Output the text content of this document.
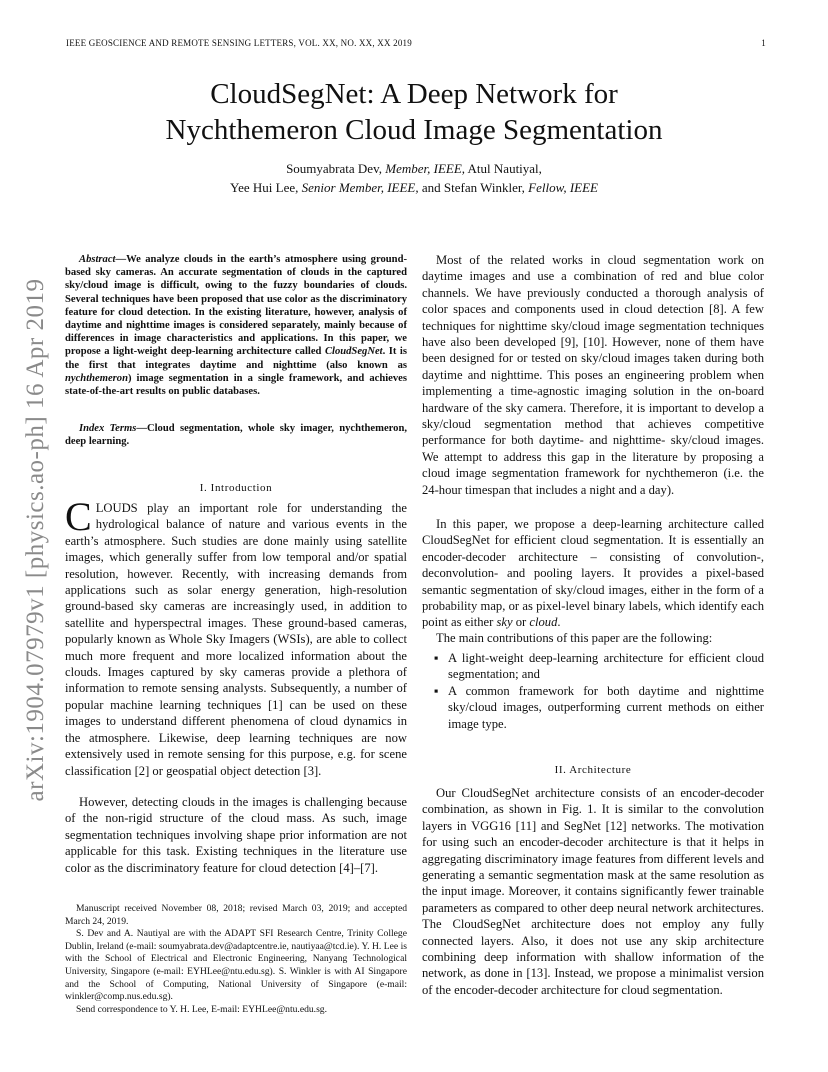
IEEE GEOSCIENCE AND REMOTE SENSING LETTERS, VOL. XX, NO. XX, XX 2019	1
CloudSegNet: A Deep Network for
Nychthemeron Cloud Image Segmentation
Soumyabrata Dev, Member, IEEE, Atul Nautiyal,
Yee Hui Lee, Senior Member, IEEE, and Stefan Winkler, Fellow, IEEE
arXiv:1904.07979v1 [physics.ao-ph] 16 Apr 2019
Abstract—We analyze clouds in the earth’s atmosphere using ground-based sky cameras. An accurate segmentation of clouds in the captured sky/cloud image is difficult, owing to the fuzzy boundaries of clouds. Several techniques have been proposed that use color as the discriminatory feature for cloud detection. In the existing literature, however, analysis of daytime and nighttime images is considered separately, mainly because of differences in image characteristics and applications. In this paper, we propose a light-weight deep-learning architecture called CloudSegNet. It is the first that integrates daytime and nighttime (also known as nychthemeron) image segmentation in a single framework, and achieves state-of-the-art results on public databases.
Index Terms—Cloud segmentation, whole sky imager, nychthemeron, deep learning.
I. Introduction
CLOUDS play an important role for understanding the hydrological balance of nature and various events in the earth’s atmosphere. Such studies are done mainly using satellite images, which generally suffer from low temporal and/or spatial resolution, however. Recently, with increasing demands from applications such as solar energy generation, high-resolution ground-based sky cameras are increasingly used, in addition to satellite and hyperspectral images. These ground-based cameras, popularly known as Whole Sky Imagers (WSIs), are able to collect much more frequent and more localized information about the clouds. Images captured by sky cameras provide a plethora of information to remote sensing analysts. Subsequently, a number of popular machine learning techniques [1] can be used on these images to understand different phenomena of cloud dynamics in the atmosphere. Likewise, deep learning techniques are now extensively used in remote sensing for this purpose, e.g. for scene classification [2] or geospatial object detection [3].
However, detecting clouds in the images is challenging because of the non-rigid structure of the cloud mass. As such, image segmentation techniques involving shape prior information are not applicable for this task. Existing techniques in the literature use color as the discriminatory feature for cloud detection [4]–[7].

Manuscript received November 08, 2018; revised March 03, 2019; and accepted March 24, 2019.

S. Dev and A. Nautiyal are with the ADAPT SFI Research Centre, Trinity College Dublin, Ireland (e-mail: soumyabrata.dev@adaptcentre.ie, nautiyaa@tcd.ie). Y. H. Lee is with the School of Electrical and Electronic Engineering, Nanyang Technological University, Singapore (e-mail: EYHLee@ntu.edu.sg). S. Winkler is with AI Singapore and the School of Computing, National University of Singapore (e-mail: winkler@comp.nus.edu.sg).

Send correspondence to Y. H. Lee, E-mail: EYHLee@ntu.edu.sg.

Most of the related works in cloud segmentation work on daytime images and use a combination of red and blue color channels. We have previously conducted a thorough analysis of color spaces and components used in cloud detection [8]. A few techniques for nighttime sky/cloud image segmentation techniques have also been developed [9], [10]. However, none of them have been designed for or tested on sky/cloud images taken during both daytime and nighttime. This poses an engineering problem when implementing a time-agnostic imaging solution in the on-board hardware of the sky camera. Therefore, it is important to develop a sky/cloud segmentation method that achieves competitive performance for both daytime- and nighttime- sky/cloud images. We attempt to address this gap in the literature by proposing a cloud image segmentation framework for nychthemeron (i.e. the 24-hour timespan that includes a night and a day).
In this paper, we propose a deep-learning architecture called CloudSegNet for efficient cloud segmentation. It is essentially an encoder-decoder architecture – consisting of convolution-, deconvolution- and pooling layers. It provides a pixel-based semantic segmentation of sky/cloud images, either in the form of a probability map, or as pixel-level binary labels, which identify each point as either sky or cloud.
The main contributions of this paper are the following:
▪ A light-weight deep-learning architecture for efficient cloud segmentation; and
▪ A common framework for both daytime and nighttime sky/cloud images, outperforming current methods on either image type.
II. Architecture
Our CloudSegNet architecture consists of an encoder-decoder combination, as shown in Fig. 1. It is similar to the convolution layers in VGG16 [11] and SegNet [12] networks. The motivation for using such an encoder-decoder architecture is that it helps in aggregating discriminatory image features from different levels and generating a semantic segmentation mask at the same resolution as the input image. Moreover, it contains significantly fewer trainable parameters as compared to other deep neural network architectures. The CloudSegNet architecture does not employ any fully connected layers. Also, it does not use any skip architecture combining deep information with shallow information of the network, as done in [13]. Instead, we propose a minimalist version of the encoder-decoder architecture for cloud segmentation.
